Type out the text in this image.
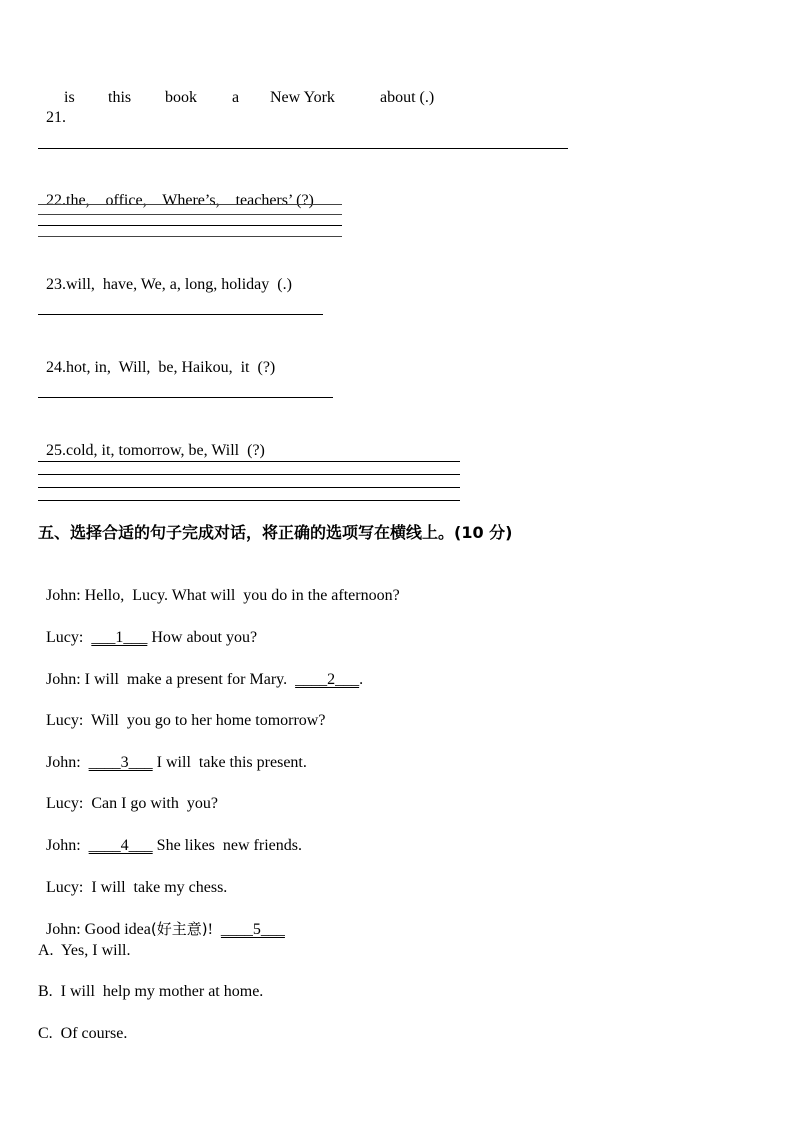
21.

is this book a New York	about (.)

22.the,    office,    Where’s,    teachers’ (?)

23.will,  have, We, a, long, holiday  (.)

24.hot, in,  Will,  be, Haikou,  it  (?)

25.cold, it, tomorrow, be, Will  (?)

五、选择合适的句子完成对话，将正确的选项写在横线上。(10 分)

John: Hello,  Lucy. What will  you do in the afternoon?

Lucy:  ___1___ How about you?

John: I will  make a present for Mary.  ____2___.

Lucy:  Will  you go to her home tomorrow?

John:  ____3___ I will  take this present.

Lucy:  Can I go with  you?

John:  ____4___ She likes  new friends.

Lucy:  I will  take my chess.

John: Good idea(好主意)!  ____5___

A.  Yes, I will.
B.  I will  help my mother at home.
C.  Of course.
